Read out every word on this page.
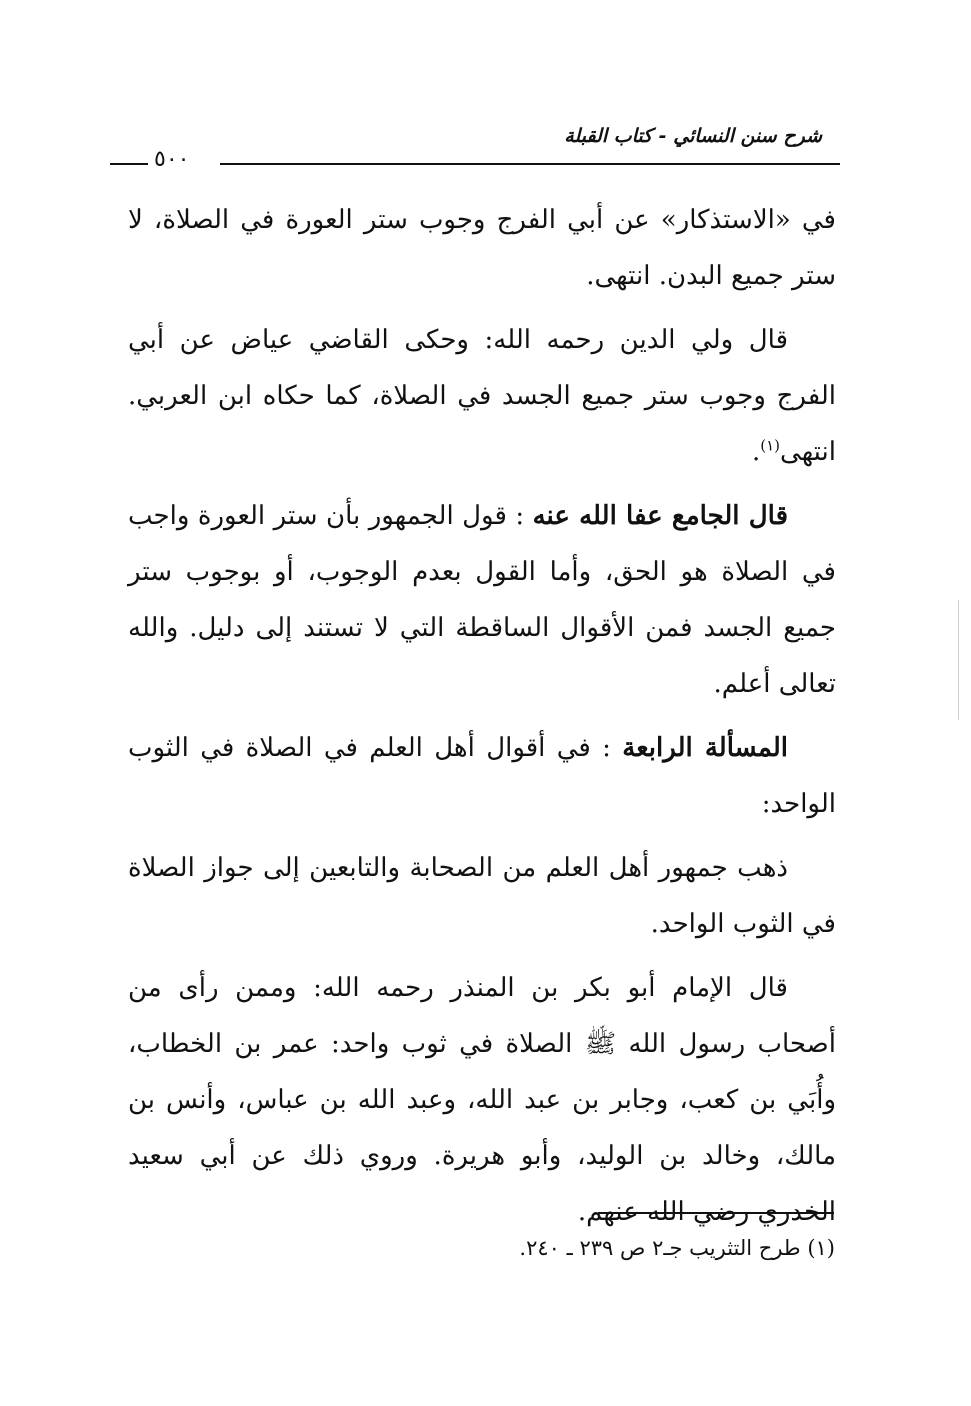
شرح سنن النسائي - كتاب القبلة
٥٠٠

في «الاستذكار» عن أبي الفرج وجوب ستر العورة في الصلاة، لا ستر جميع البدن. انتهى.

قال ولي الدين رحمه الله: وحكى القاضي عياض عن أبي الفرج وجوب ستر جميع الجسد في الصلاة، كما حكاه ابن العربي. انتهى$^{(١)}$.

قال الجامع عفا الله عنه : قول الجمهور بأن ستر العورة واجب في الصلاة هو الحق، وأما القول بعدم الوجوب، أو بوجوب ستر جميع الجسد فمن الأقوال الساقطة التي لا تستند إلى دليل. والله تعالى أعلم.

المسألة الرابعة : في أقوال أهل العلم في الصلاة في الثوب الواحد:

ذهب جمهور أهل العلم من الصحابة والتابعين إلى جواز الصلاة في الثوب الواحد.

قال الإمام أبو بكر بن المنذر رحمه الله: وممن رأى من أصحاب رسول الله ﷺ الصلاة في ثوب واحد: عمر بن الخطاب، وأُبَي بن كعب، وجابر بن عبد الله، وعبد الله بن عباس، وأنس بن مالك، وخالد بن الوليد، وأبو هريرة. وروي ذلك عن أبي سعيد الخدري رضي الله عنهم.

(١) طرح التثريب جـ٢ ص ٢٣٩ ـ ٢٤٠.
